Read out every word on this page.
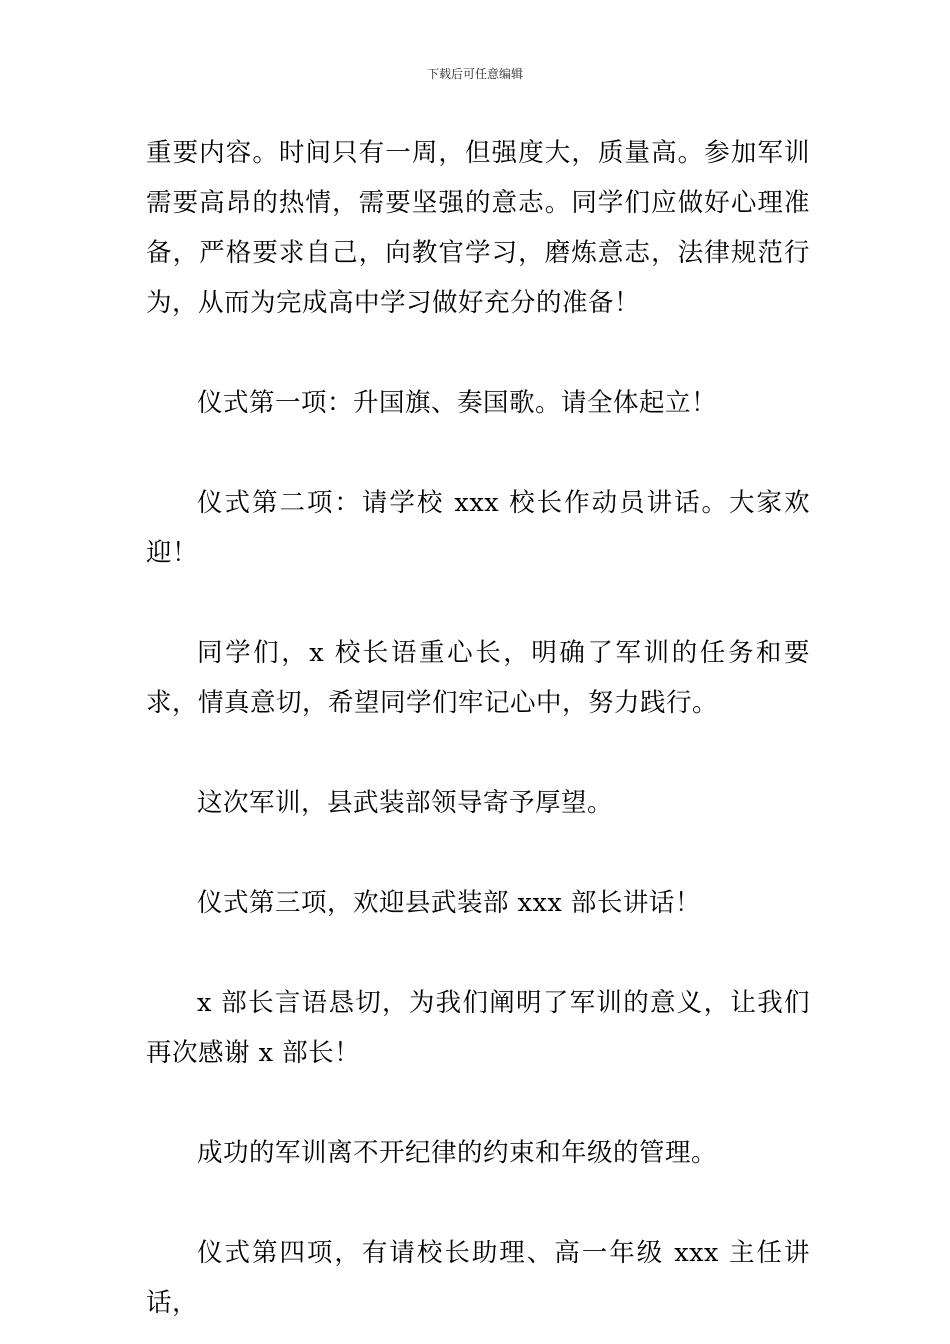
下载后可任意编辑

重要内容。时间只有一周，但强度大，质量高。参加军训需要高昂的热情，需要坚强的意志。同学们应做好心理准备，严格要求自己，向教官学习，磨炼意志，法律规范行为，从而为完成高中学习做好充分的准备！

仪式第一项：升国旗、奏国歌。请全体起立！

仪式第二项：请学校 xxx 校长作动员讲话。大家欢迎！

同学们，x 校长语重心长，明确了军训的任务和要求，情真意切，希望同学们牢记心中，努力践行。

这次军训，县武装部领导寄予厚望。

仪式第三项，欢迎县武装部 xxx 部长讲话！

x 部长言语恳切，为我们阐明了军训的意义，让我们再次感谢 x 部长！

成功的军训离不开纪律的约束和年级的管理。

仪式第四项，有请校长助理、高一年级 xxx 主任讲话，
